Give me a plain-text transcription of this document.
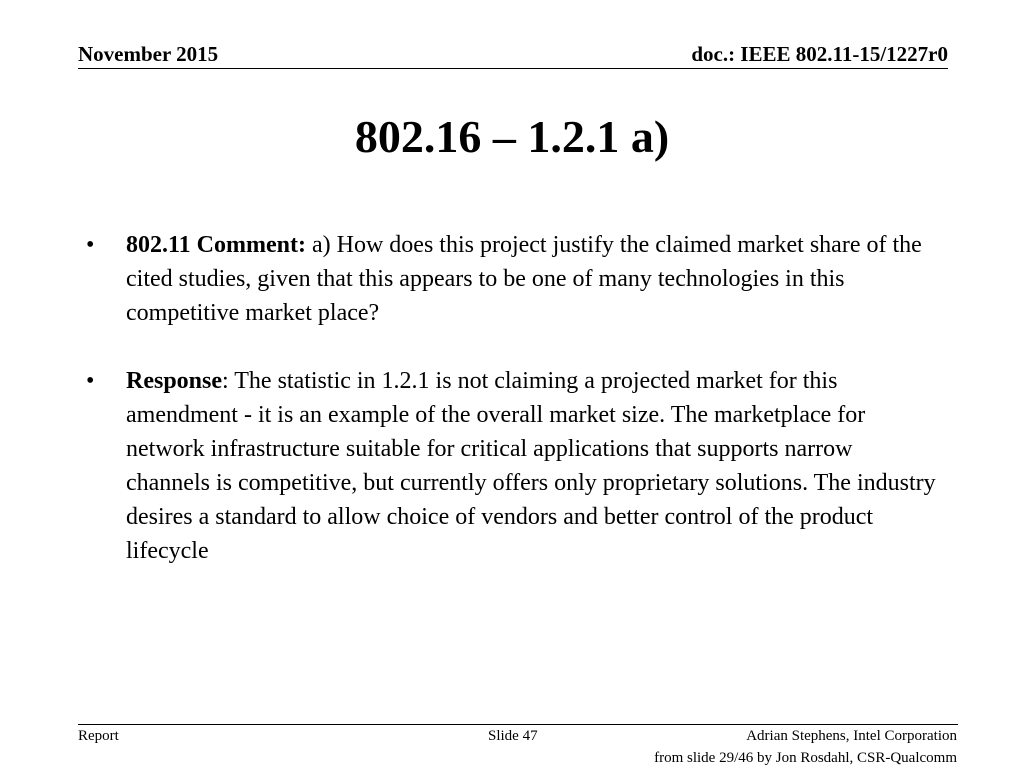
November 2015	doc.: IEEE 802.11-15/1227r0
802.16 – 1.2.1 a)
•	802.11 Comment: a) How does this project justify the claimed market share of the cited studies, given that this appears to be one of many technologies in this competitive market place?
•	Response: The statistic in 1.2.1 is not claiming a projected market for this amendment - it is an example of the overall market size. The marketplace for network infrastructure suitable for critical applications that supports narrow channels is competitive, but currently offers only proprietary solutions. The industry desires a standard to allow choice of vendors and better control of the product lifecycle
Report	Slide 47	Adrian Stephens, Intel Corporation
from slide 29/46 by Jon Rosdahl, CSR-Qualcomm
